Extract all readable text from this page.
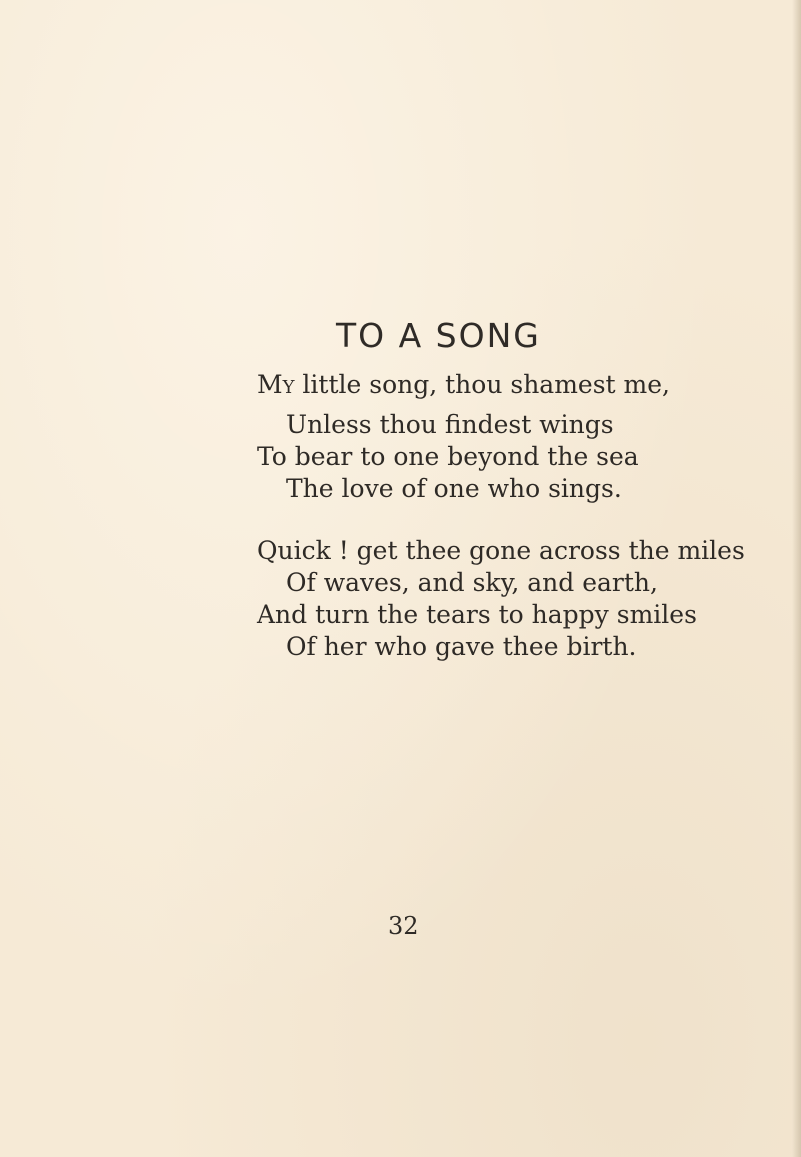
TO A SONG

My little song, thou shamest me,

Unless thou findest wings

To bear to one beyond the sea

The love of one who sings.

Quick ! get thee gone across the miles

Of waves, and sky, and earth,

And turn the tears to happy smiles

Of her who gave thee birth.

32
